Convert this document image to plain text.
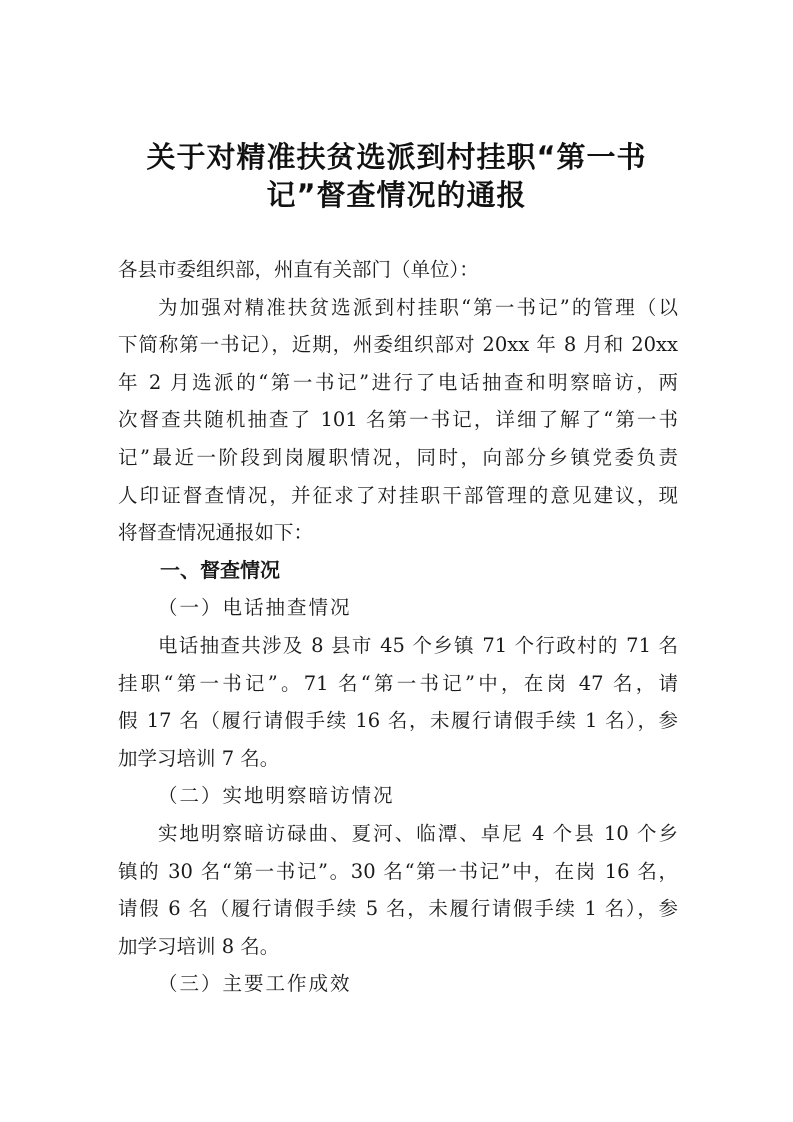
关于对精准扶贫选派到村挂职“第一书
记”督查情况的通报
各县市委组织部，州直有关部门（单位）：
为加强对精准扶贫选派到村挂职“第一书记”的管理（以
下简称第一书记），近期，州委组织部对 20xx 年 8 月和 20xx
年 2 月选派的“第一书记”进行了电话抽查和明察暗访，两
次督查共随机抽查了 101 名第一书记，详细了解了“第一书
记”最近一阶段到岗履职情况，同时，向部分乡镇党委负责
人印证督查情况，并征求了对挂职干部管理的意见建议，现
将督查情况通报如下：
一、督查情况
（一）电话抽查情况
电话抽查共涉及 8 县市 45 个乡镇 71 个行政村的 71 名
挂职“第一书记”。71 名“第一书记”中，在岗 47 名，请
假 17 名（履行请假手续 16 名，未履行请假手续 1 名），参
加学习培训 7 名。
（二）实地明察暗访情况
实地明察暗访碌曲、夏河、临潭、卓尼 4 个县 10 个乡
镇的 30 名“第一书记”。30 名“第一书记”中，在岗 16 名，
请假 6 名（履行请假手续 5 名，未履行请假手续 1 名），参
加学习培训 8 名。
（三）主要工作成效
